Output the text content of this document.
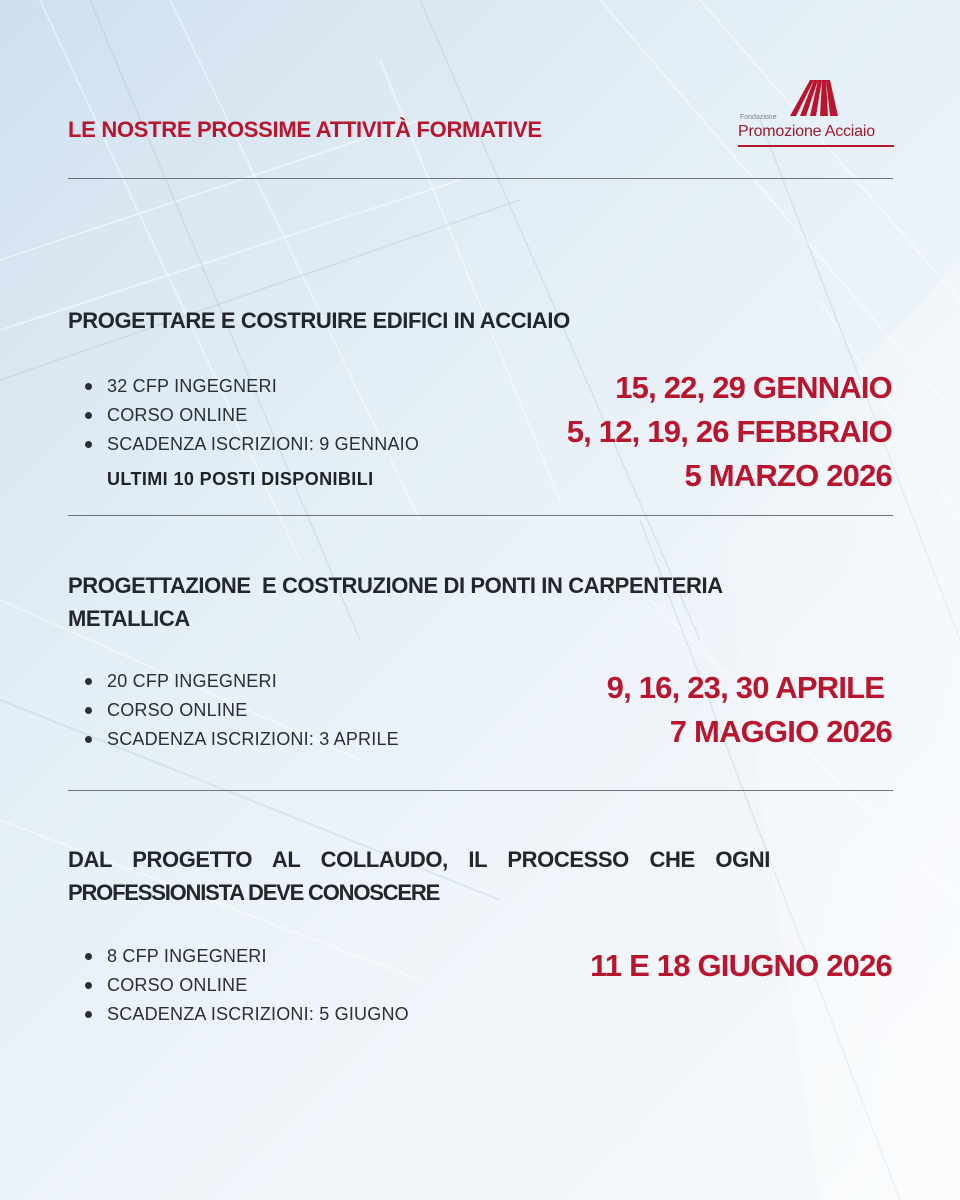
LE NOSTRE PROSSIME ATTIVITÀ FORMATIVE	Fondazione
Promozione Acciaio
PROGETTARE E COSTRUIRE EDIFICI IN ACCIAIO
32 CFP INGEGNERI
CORSO ONLINE
SCADENZA ISCRIZIONI: 9 GENNAIO
ULTIMI 10 POSTI DISPONIBILI
15, 22, 29 GENNAIO
5, 12, 19, 26 FEBBRAIO
5 MARZO 2026
PROGETTAZIONE  E COSTRUZIONE DI PONTI IN CARPENTERIA
METALLICA
20 CFP INGEGNERI
CORSO ONLINE
SCADENZA ISCRIZIONI: 3 APRILE
9, 16, 23, 30 APRILE
7 MAGGIO 2026
DAL PROGETTO AL COLLAUDO, IL PROCESSO CHE OGNI
PROFESSIONISTA DEVE CONOSCERE
8 CFP INGEGNERI
CORSO ONLINE
SCADENZA ISCRIZIONI: 5 GIUGNO
11 E 18 GIUGNO 2026
